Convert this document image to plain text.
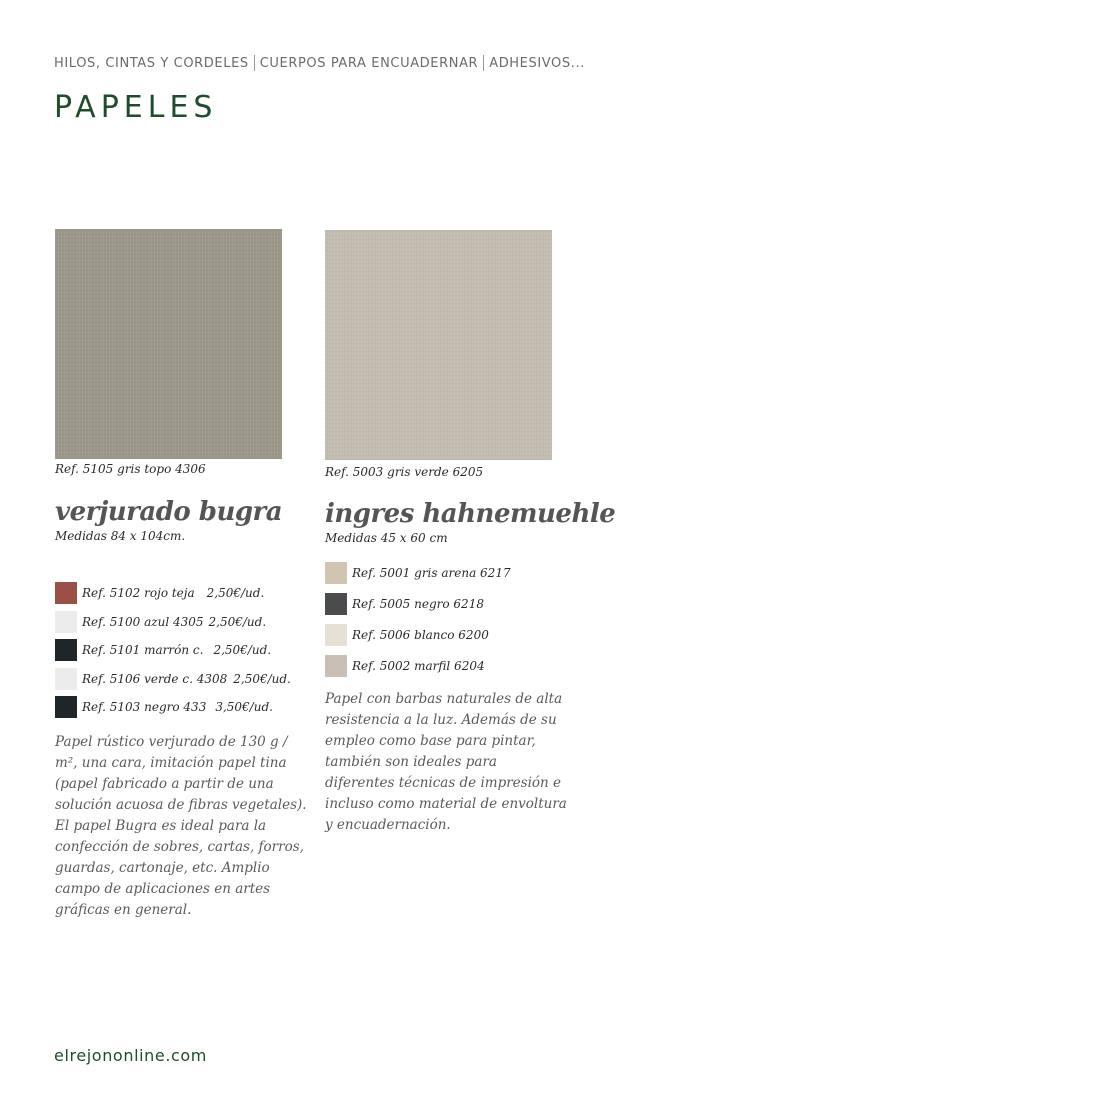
HILOS, CINTAS Y CORDELES CUERPOS PARA ENCUADERNAR ADHESIVOS...
PAPELES
Ref. 5105 gris topo 4306
verjurado bugra
Medidas 84 x 104cm.
Ref. 5102 rojo teja 2,50€/ud.
Ref. 5100 azul 4305 2,50€/ud.
Ref. 5101 marrón c. 2,50€/ud.
Ref. 5106 verde c. 4308 2,50€/ud.
Ref. 5103 negro 433 3,50€/ud.

Papel rústico verjurado de 130 g / m², una cara, imitación papel tina (papel fabricado a partir de una solución acuosa de fibras vegetales). El papel Bugra es ideal para la confección de sobres, cartas, forros, guardas, cartonaje, etc. Amplio campo de aplicaciones en artes gráficas en general.

Ref. 5003 gris verde 6205
ingres hahnemuehle
Medidas 45 x 60 cm
Ref. 5001 gris arena 6217
Ref. 5005 negro 6218
Ref. 5006 blanco 6200
Ref. 5002 marfil 6204

Papel con barbas naturales de alta resistencia a la luz. Además de su empleo como base para pintar, también son ideales para diferentes técnicas de impresión e incluso como material de envoltura y encuadernación.

elrejononline.com
